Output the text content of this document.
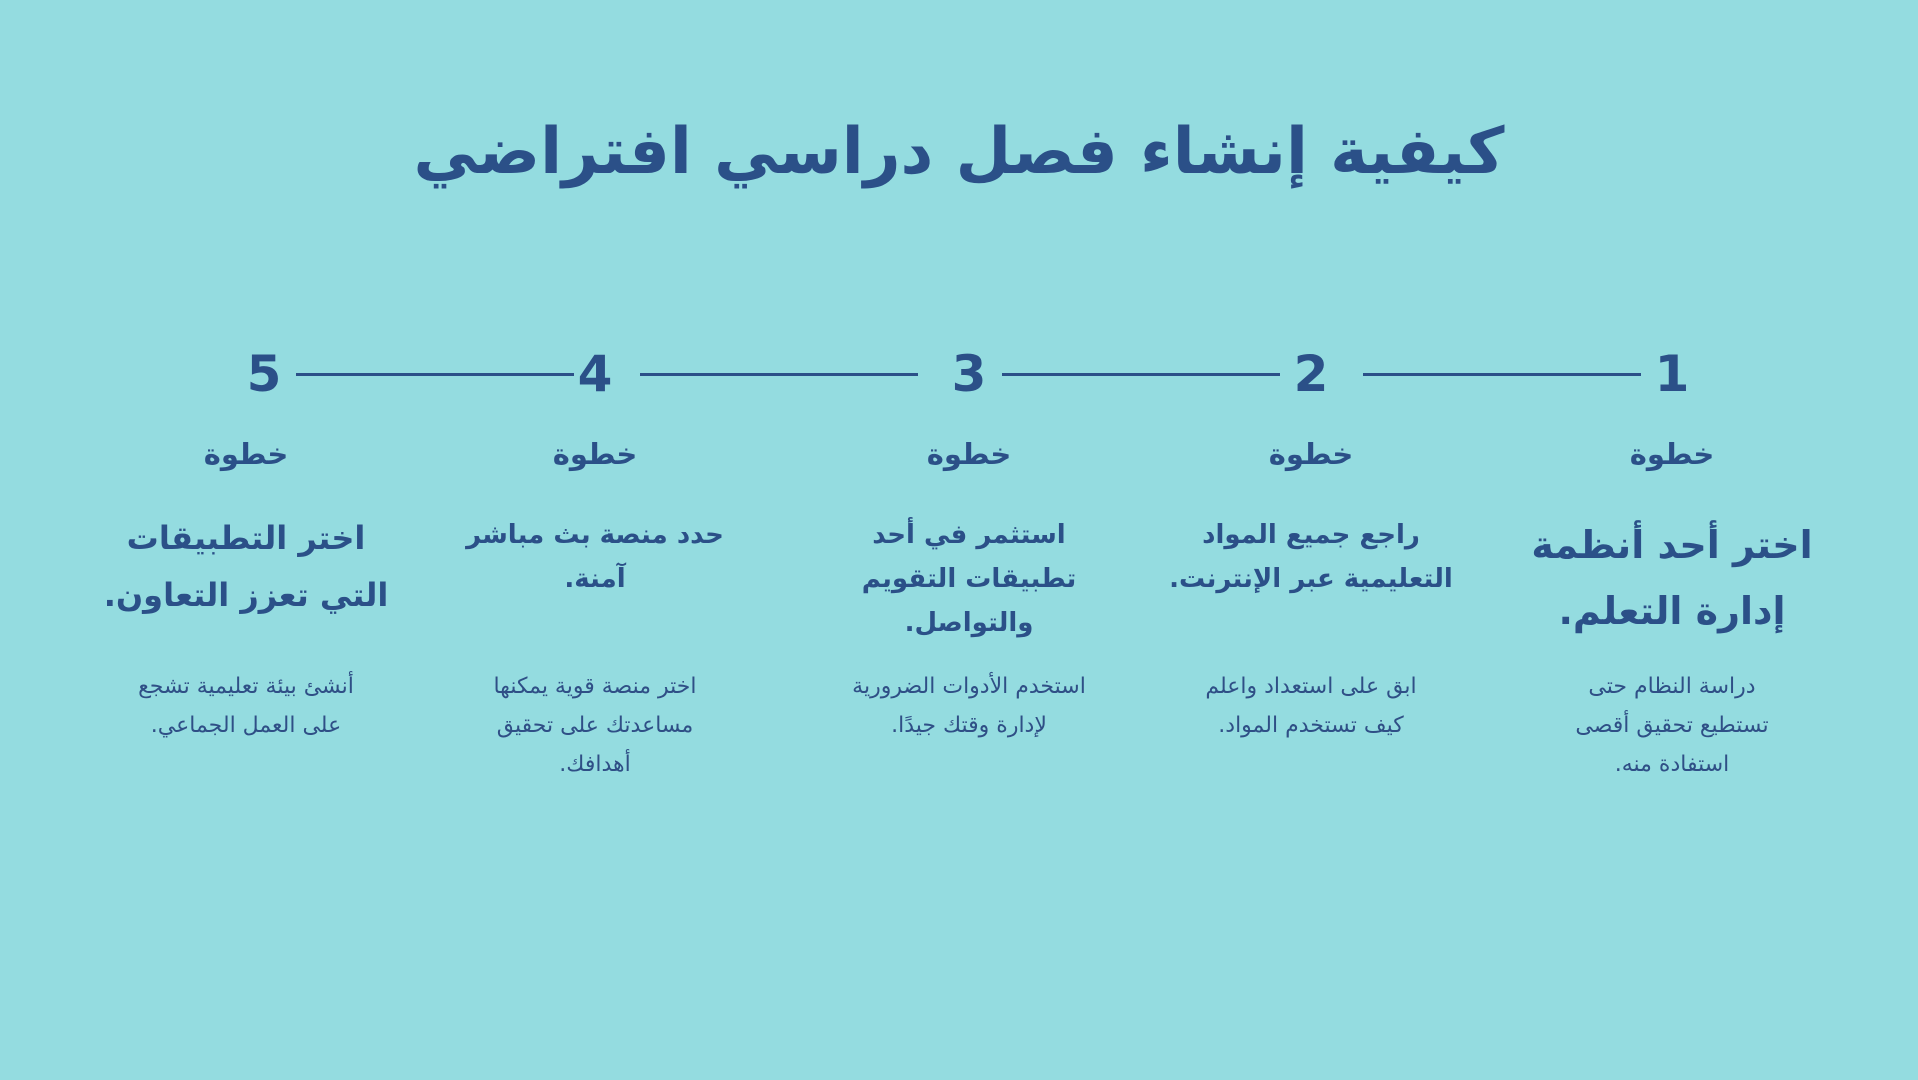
كيفية إنشاء فصل دراسي افتراضي
1
خطوة
اختر أحد أنظمة
إدارة التعلم.
دراسة النظام حتى
تستطيع تحقيق أقصى
استفادة منه.
2
خطوة
راجع جميع المواد
التعليمية عبر الإنترنت.
ابق على استعداد واعلم
كيف تستخدم المواد.
3
خطوة
استثمر في أحد
تطبيقات التقويم
والتواصل.
استخدم الأدوات الضرورية
لإدارة وقتك جيدًا.
4
خطوة
حدد منصة بث مباشر
آمنة.
اختر منصة قوية يمكنها
مساعدتك على تحقيق
أهدافك.
5
خطوة
اختر التطبيقات
التي تعزز التعاون.
أنشئ بيئة تعليمية تشجع
على العمل الجماعي.
